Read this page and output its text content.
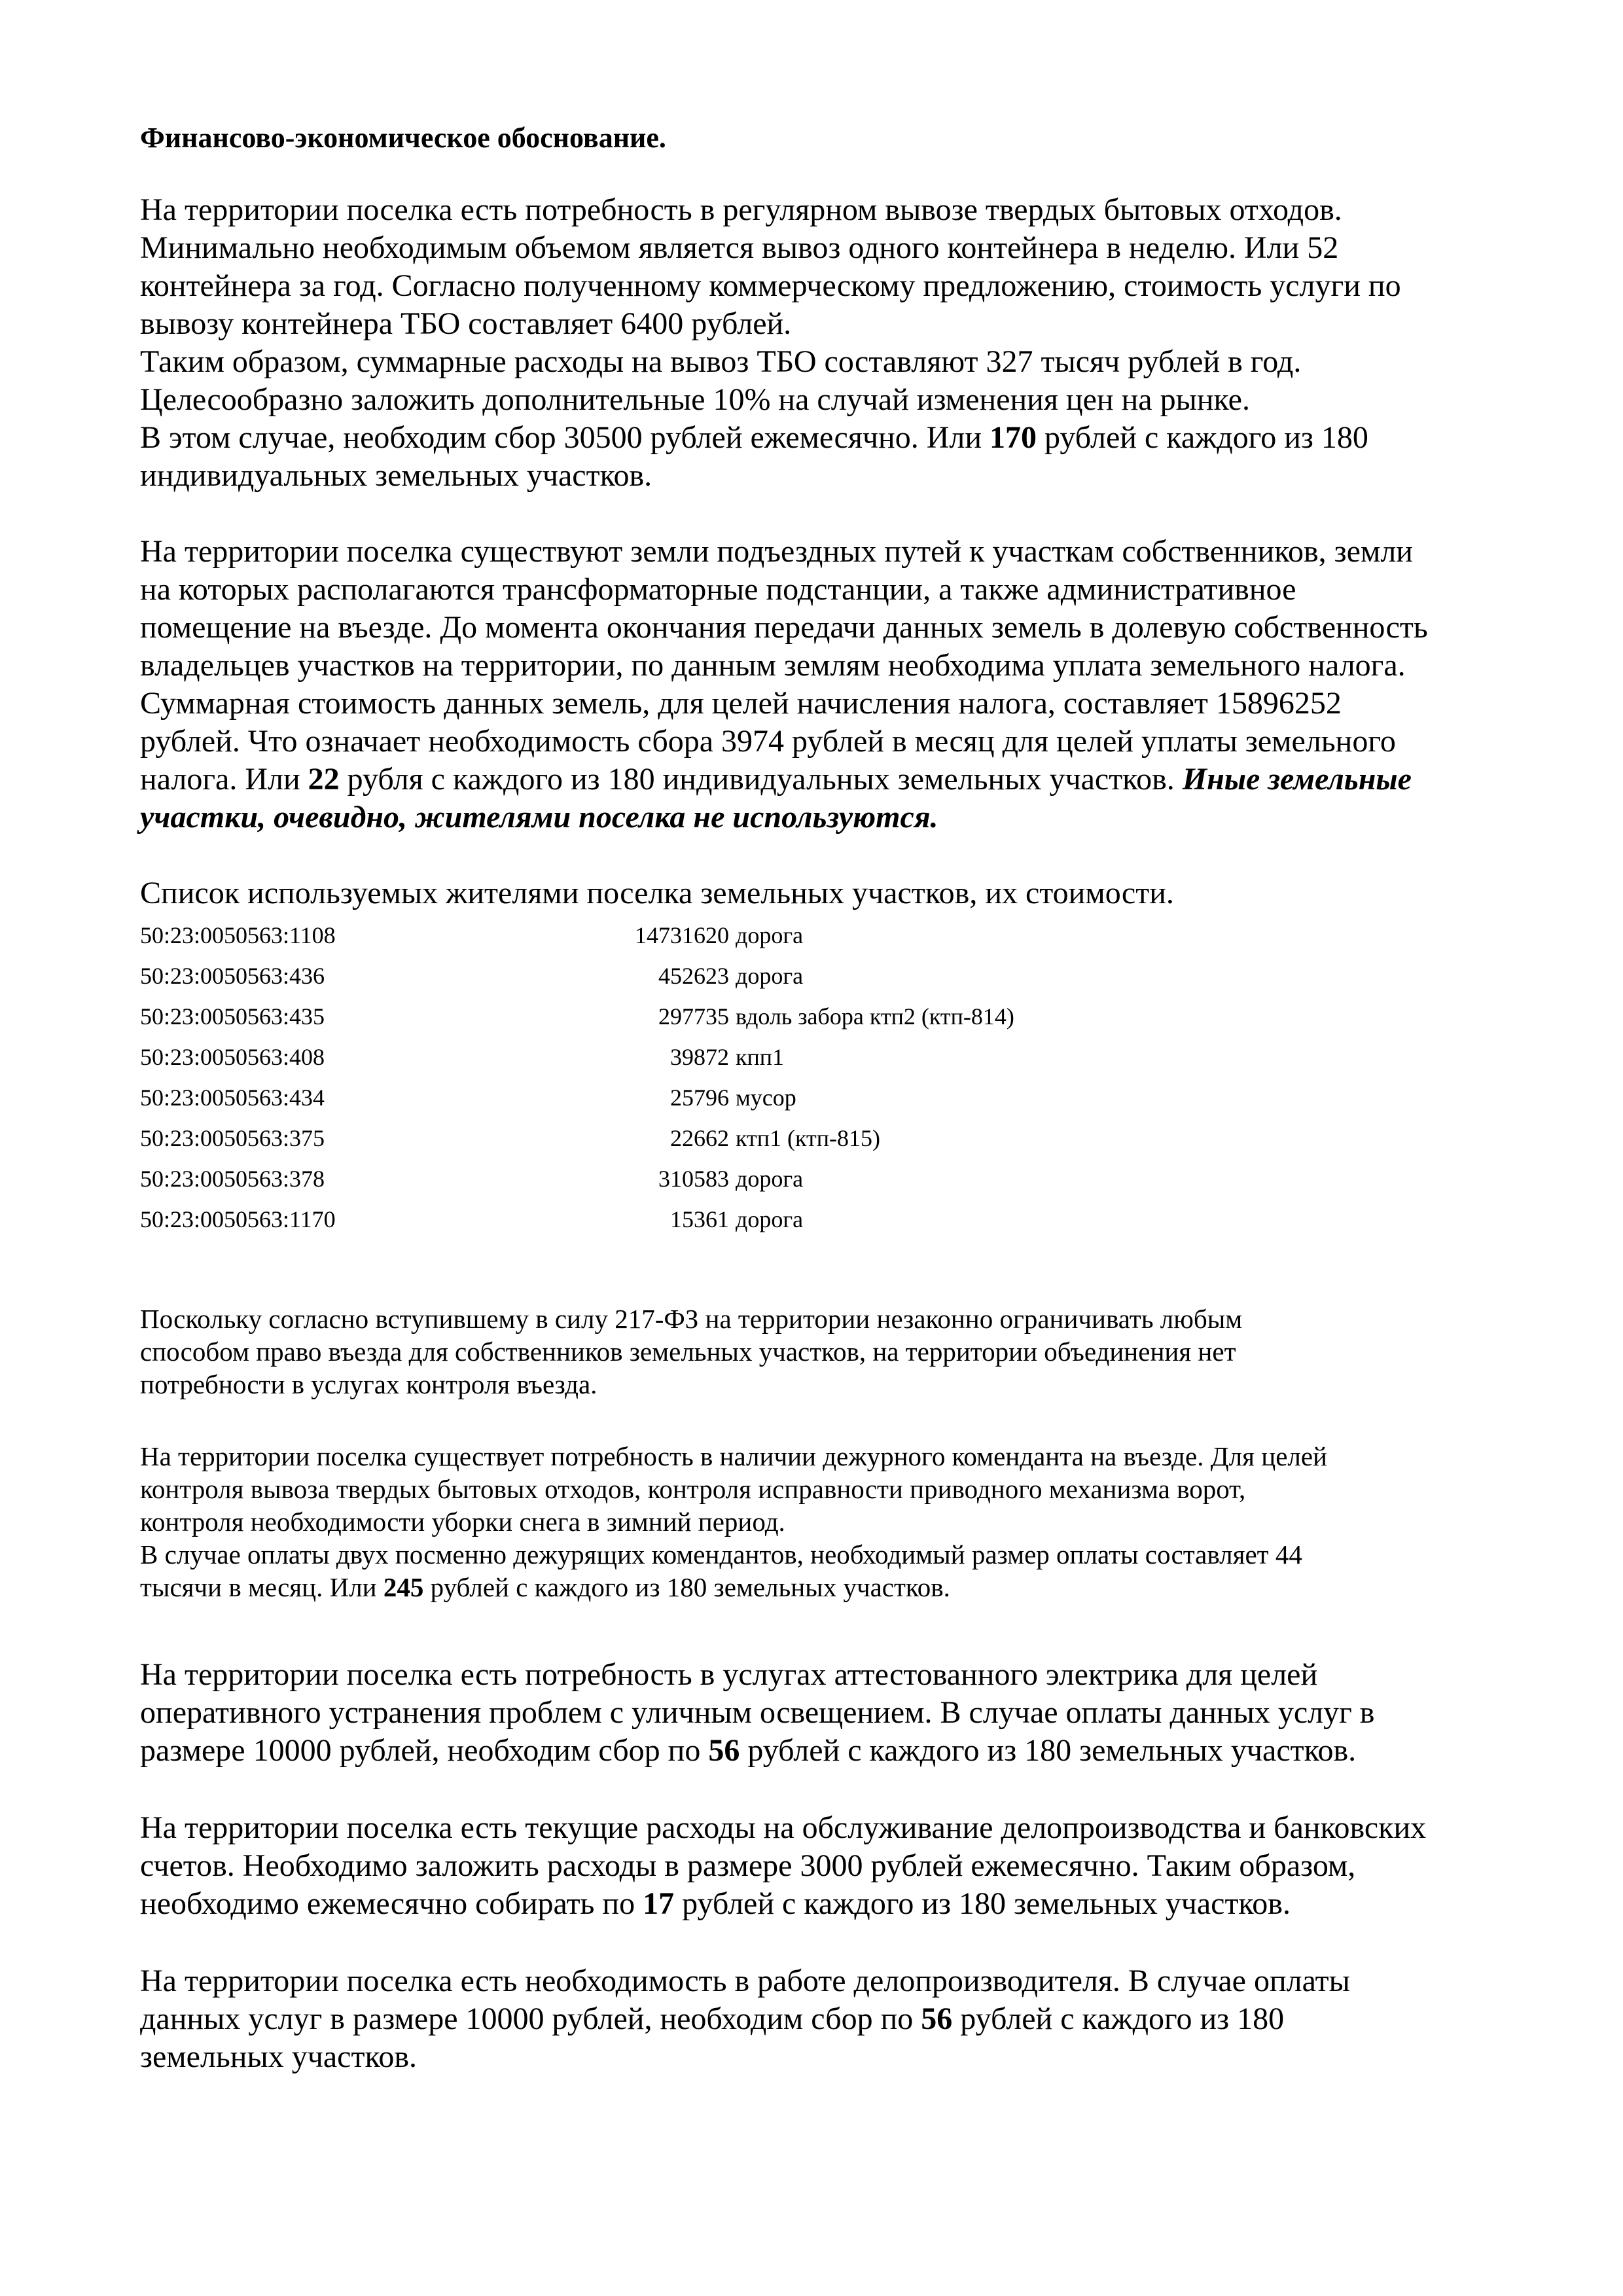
Финансово-экономическое обоснование.
На территории поселка есть потребность в регулярном вывозе твердых бытовых отходов.
Минимально необходимым объемом является вывоз одного контейнера в неделю. Или 52
контейнера за год. Согласно полученному коммерческому предложению, стоимость услуги по
вывозу контейнера ТБО составляет 6400 рублей.
Таким образом, суммарные расходы на вывоз ТБО составляют 327 тысяч рублей в год.
Целесообразно заложить дополнительные 10% на случай изменения цен на рынке.
В этом случае, необходим сбор 30500 рублей ежемесячно. Или 170 рублей с каждого из 180
индивидуальных земельных участков.
На территории поселка существуют земли подъездных путей к участкам собственников, земли
на которых располагаются трансформаторные подстанции, а также административное
помещение на въезде. До момента окончания передачи данных земель в долевую собственность
владельцев участков на территории, по данным землям необходима уплата земельного налога.
Суммарная стоимость данных земель, для целей начисления налога, составляет 15896252
рублей. Что означает необходимость сбора 3974 рублей в месяц для целей уплаты земельного
налога. Или 22 рубля с каждого из 180 индивидуальных земельных участков. Иные земельные
участки, очевидно, жителями поселка не используются.
Список используемых жителями поселка земельных участков, их стоимости.
50:23:0050563:1108	14731620 дорога
50:23:0050563:436	452623 дорога
50:23:0050563:435	297735 вдоль забора ктп2 (ктп-814)
50:23:0050563:408	39872 кпп1
50:23:0050563:434	25796 мусор
50:23:0050563:375	22662 ктп1 (ктп-815)
50:23:0050563:378	310583 дорога
50:23:0050563:1170	15361 дорога
Поскольку согласно вступившему в силу 217-ФЗ на территории незаконно ограничивать любым
способом право въезда для собственников земельных участков, на территории объединения нет
потребности в услугах контроля въезда.
На территории поселка существует потребность в наличии дежурного коменданта на въезде. Для целей
контроля вывоза твердых бытовых отходов, контроля исправности приводного механизма ворот,
контроля необходимости уборки снега в зимний период.
В случае оплаты двух посменно дежурящих комендантов, необходимый размер оплаты составляет 44
тысячи в месяц. Или 245 рублей с каждого из 180 земельных участков.
На территории поселка есть потребность в услугах аттестованного электрика для целей
оперативного устранения проблем с уличным освещением. В случае оплаты данных услуг в
размере 10000 рублей, необходим сбор по 56 рублей с каждого из 180 земельных участков.
На территории поселка есть текущие расходы на обслуживание делопроизводства и банковских
счетов. Необходимо заложить расходы в размере 3000 рублей ежемесячно. Таким образом,
необходимо ежемесячно собирать по 17 рублей с каждого из 180 земельных участков.
На территории поселка есть необходимость в работе делопроизводителя. В случае оплаты
данных услуг в размере 10000 рублей, необходим сбор по 56 рублей с каждого из 180
земельных участков.
